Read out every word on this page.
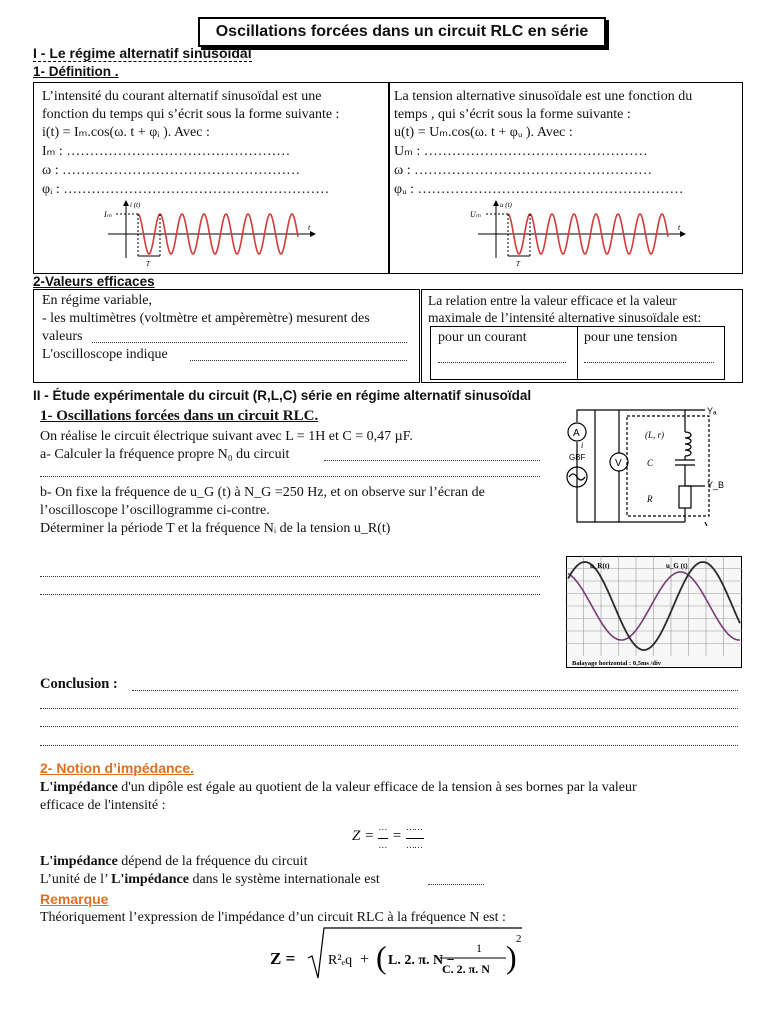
Oscillations forcées dans un circuit RLC en série
I - Le régime alternatif sinusoïdal
1- Définition .
L’intensité du courant alternatif sinusoïdal est une
fonction du temps qui s’écrit sous la forme suivante :
i(t) = Iₘ.cos(ω. t + φᵢ ). Avec :
Iₘ : …………………………………………
ω : ……………………………………………
φᵢ : …………………………………………………
La tension alternative sinusoïdale est une fonction du
temps , qui s’écrit sous la forme suivante :
u(t) = Uₘ.cos(ω. t + φᵤ ). Avec :
Uₘ : …………………………………………
ω : ……………………………………………
φᵤ : …………………………………………………
Iₘ
i (t)
t
T
Uₘ
u (t)
t
T
2-Valeurs efficaces
En régime variable,
- les multimètres (voltmètre et ampèremètre) mesurent des
valeurs
L'oscilloscope indique
La relation entre la valeur efficace et la valeur
maximale de l’intensité alternative sinusoïdale est:
pour un courant	pour une tension
II - Étude expérimentale du circuit (R,L,C) série en régime alternatif sinusoïdal
1- Oscillations forcées dans un circuit RLC.
On réalise le circuit électrique suivant avec L = 1H et C = 0,47 µF.
a- Calculer la fréquence propre N₀ du circuit
b- On fixe la fréquence de u_G (t) à N_G =250 Hz, et on observe sur l’écran de
l’oscilloscope l’oscillogramme ci-contre.
Déterminer la période T et la fréquence Nᵢ de la tension u_R(t)
A
V
GBF
i
(L, r)
C
R
Yₐ
Y_B
u_R(t)	u_G (t)
Balayage horizontal : 0,5ms /div
Conclusion :
2- Notion d’impédance.
L'impédance d'un dipôle est égale au quotient de la valeur efficace de la tension à ses bornes par la valeur
efficace de l'intensité :
Z = …

… = ……

……
L'impédance dépend de la fréquence du circuit
L’unité de l’ L'impédance dans le système internationale est
Remarque
Théoriquement l’expression de l'impédance d’un circuit RLC à la fréquence N est :
Z = R²ₑq + ( L. 2. π. N −
1
C. 2. π. N ) 2
